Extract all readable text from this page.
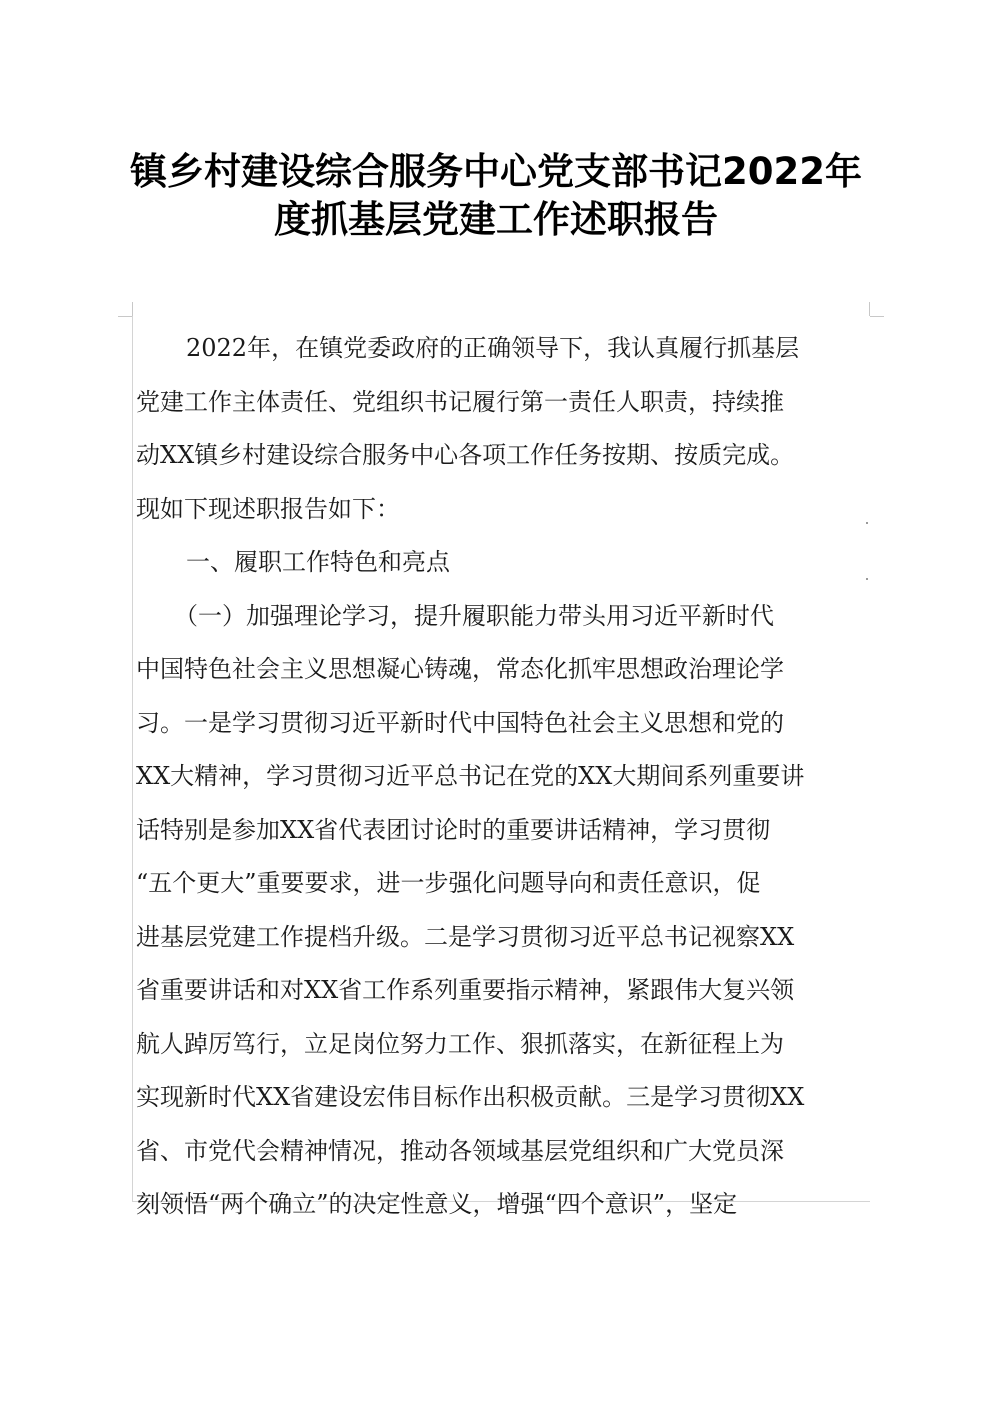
镇乡村建设综合服务中心党支部书记2022年
度抓基层党建工作述职报告
2022年，在镇党委政府的正确领导下，我认真履行抓基层
党建工作主体责任、党组织书记履行第一责任人职责，持续推
动XX镇乡村建设综合服务中心各项工作任务按期、按质完成。
现如下现述职报告如下：
一、履职工作特色和亮点
（一）加强理论学习，提升履职能力带头用习近平新时代
中国特色社会主义思想凝心铸魂，常态化抓牢思想政治理论学
习。一是学习贯彻习近平新时代中国特色社会主义思想和党的
XX大精神，学习贯彻习近平总书记在党的XX大期间系列重要讲
话特别是参加XX省代表团讨论时的重要讲话精神，学习贯彻
“五个更大”重要要求，进一步强化问题导向和责任意识，促
进基层党建工作提档升级。二是学习贯彻习近平总书记视察XX
省重要讲话和对XX省工作系列重要指示精神，紧跟伟大复兴领
航人踔厉笃行，立足岗位努力工作、狠抓落实，在新征程上为
实现新时代XX省建设宏伟目标作出积极贡献。三是学习贯彻XX
省、市党代会精神情况，推动各领域基层党组织和广大党员深
刻领悟“两个确立”的决定性意义，增强“四个意识”，坚定
